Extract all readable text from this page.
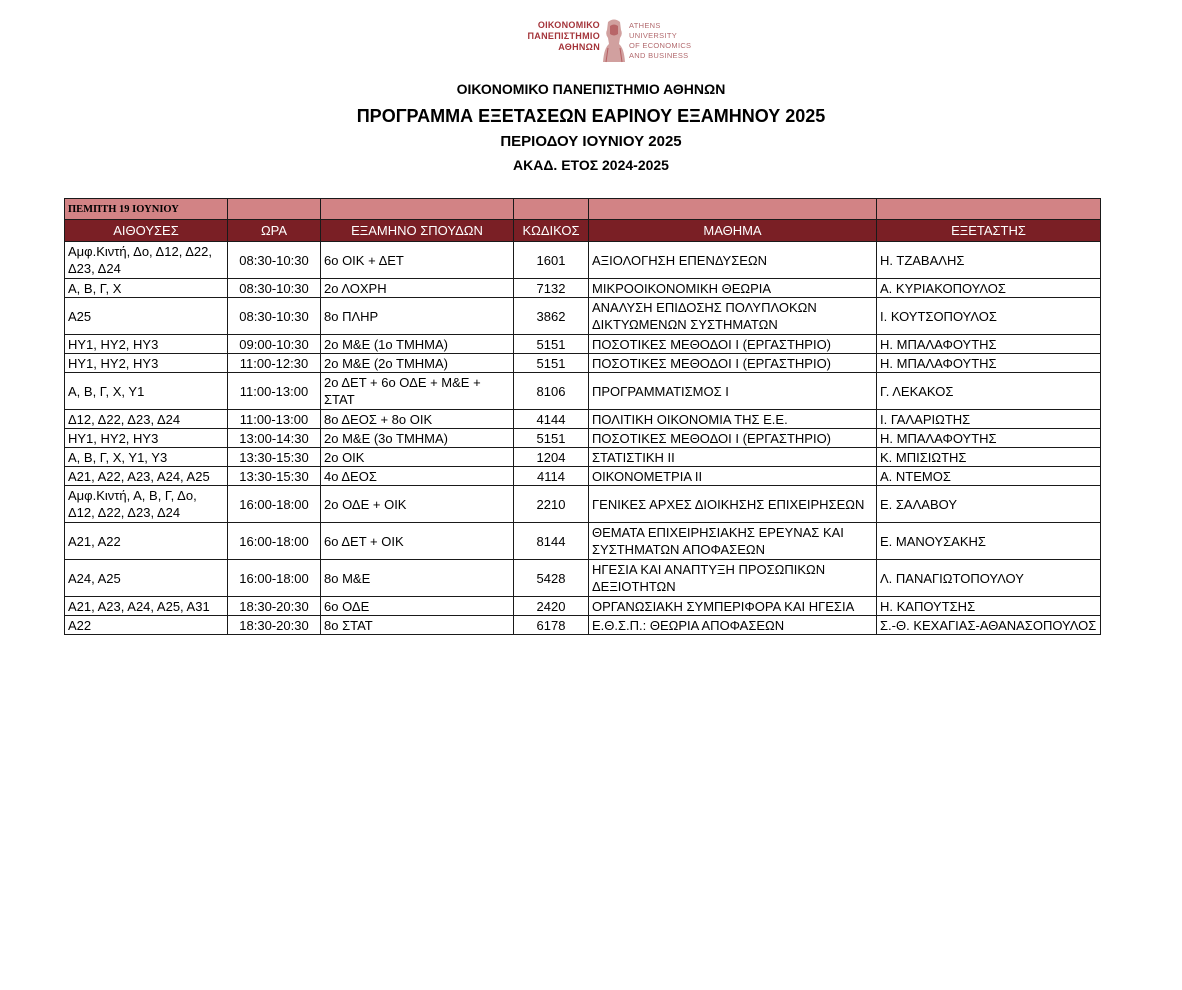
ΟΙΚΟΝΟΜΙΚΟ
ΠΑΝΕΠΙΣΤΗΜΙΟ
ΑΘΗΝΩΝ
ATHENS UNIVERSITY
OF ECONOMICS
AND BUSINESS
ΟΙΚΟΝΟΜΙΚΟ ΠΑΝΕΠΙΣΤΗΜΙΟ ΑΘΗΝΩΝ
ΠΡΟΓΡΑΜΜΑ ΕΞΕΤΑΣΕΩΝ ΕΑΡΙΝΟΥ ΕΞΑΜΗΝΟΥ 2025
ΠΕΡΙΟΔΟΥ ΙΟΥΝΙΟΥ 2025
ΑΚΑΔ. ΕΤΟΣ 2024-2025
ΠΕΜΠΤΗ 19 ΙΟΥΝΙΟΥ					
ΑΙΘΟΥΣΕΣ	ΩΡΑ	ΕΞΑΜΗΝΟ ΣΠΟΥΔΩΝ	ΚΩΔΙΚΟΣ	ΜΑΘΗΜΑ	ΕΞΕΤΑΣΤΗΣ
Αμφ.Κιντή, Δο, Δ12, Δ22, Δ23, Δ24	08:30-10:30	6ο ΟΙΚ + ΔΕΤ	1601	ΑΞΙΟΛΟΓΗΣΗ ΕΠΕΝΔΥΣΕΩΝ	Η. ΤΖΑΒΑΛΗΣ
Α, Β, Γ, Χ	08:30-10:30	2ο ΛΟΧΡΗ	7132	ΜΙΚΡΟΟΙΚΟΝΟΜΙΚΗ ΘΕΩΡΙΑ	Α. ΚΥΡΙΑΚΟΠΟΥΛΟΣ
Α25	08:30-10:30	8ο ΠΛΗΡ	3862	ΑΝΑΛΥΣΗ ΕΠΙΔΟΣΗΣ ΠΟΛΥΠΛΟΚΩΝ ΔΙΚΤΥΩΜΕΝΩΝ ΣΥΣΤΗΜΑΤΩΝ	Ι. ΚΟΥΤΣΟΠΟΥΛΟΣ
ΗΥ1, ΗΥ2, ΗΥ3	09:00-10:30	2ο Μ&Ε (1ο ΤΜΗΜΑ)	5151	ΠΟΣΟΤΙΚΕΣ ΜΕΘΟΔΟΙ Ι (ΕΡΓΑΣΤΗΡΙΟ)	Η. ΜΠΑΛΑΦΟΥΤΗΣ
ΗΥ1, ΗΥ2, ΗΥ3	11:00-12:30	2ο Μ&Ε (2ο ΤΜΗΜΑ)	5151	ΠΟΣΟΤΙΚΕΣ ΜΕΘΟΔΟΙ Ι (ΕΡΓΑΣΤΗΡΙΟ)	Η. ΜΠΑΛΑΦΟΥΤΗΣ
Α, Β, Γ, Χ, Υ1	11:00-13:00	2ο ΔΕΤ + 6ο ΟΔΕ + Μ&Ε + ΣΤΑΤ	8106	ΠΡΟΓΡΑΜΜΑΤΙΣΜΟΣ Ι	Γ. ΛΕΚΑΚΟΣ
Δ12, Δ22, Δ23, Δ24	11:00-13:00	8ο ΔΕΟΣ + 8ο ΟΙΚ	4144	ΠΟΛΙΤΙΚΗ ΟΙΚΟΝΟΜΙΑ ΤΗΣ Ε.Ε.	Ι. ΓΑΛΑΡΙΩΤΗΣ
ΗΥ1, ΗΥ2, ΗΥ3	13:00-14:30	2ο Μ&Ε (3ο ΤΜΗΜΑ)	5151	ΠΟΣΟΤΙΚΕΣ ΜΕΘΟΔΟΙ Ι (ΕΡΓΑΣΤΗΡΙΟ)	Η. ΜΠΑΛΑΦΟΥΤΗΣ
Α, Β, Γ, Χ, Υ1, Υ3	13:30-15:30	2ο ΟΙΚ	1204	ΣΤΑΤΙΣΤΙΚΗ ΙΙ	Κ. ΜΠΙΣΙΩΤΗΣ
Α21, Α22, Α23, Α24, Α25	13:30-15:30	4ο ΔΕΟΣ	4114	ΟΙΚΟΝΟΜΕΤΡΙΑ ΙΙ	Α. ΝΤΕΜΟΣ
Αμφ.Κιντή, Α, Β, Γ, Δο, Δ12, Δ22, Δ23, Δ24	16:00-18:00	2ο ΟΔΕ + ΟΙΚ	2210	ΓΕΝΙΚΕΣ ΑΡΧΕΣ ΔΙΟΙΚΗΣΗΣ ΕΠΙΧΕΙΡΗΣΕΩΝ	Ε. ΣΑΛΑΒΟΥ
Α21, Α22	16:00-18:00	6ο ΔΕΤ + ΟΙΚ	8144	ΘΕΜΑΤΑ ΕΠΙΧΕΙΡΗΣΙΑΚΗΣ ΕΡΕΥΝΑΣ ΚΑΙ ΣΥΣΤΗΜΑΤΩΝ ΑΠΟΦΑΣΕΩΝ	Ε. ΜΑΝΟΥΣΑΚΗΣ
Α24, Α25	16:00-18:00	8ο Μ&Ε	5428	ΗΓΕΣΙΑ ΚΑΙ ΑΝΑΠΤΥΞΗ ΠΡΟΣΩΠΙΚΩΝ ΔΕΞΙΟΤΗΤΩΝ	Λ. ΠΑΝΑΓΙΩΤΟΠΟΥΛΟΥ
Α21, Α23, Α24, Α25, Α31	18:30-20:30	6ο ΟΔΕ	2420	ΟΡΓΑΝΩΣΙΑΚΗ ΣΥΜΠΕΡΙΦΟΡΑ ΚΑΙ ΗΓΕΣΙΑ	Η. ΚΑΠΟΥΤΣΗΣ
Α22	18:30-20:30	8ο ΣΤΑΤ	6178	Ε.Θ.Σ.Π.: ΘΕΩΡΙΑ ΑΠΟΦΑΣΕΩΝ	Σ.-Θ. ΚΕΧΑΓΙΑΣ-ΑΘΑΝΑΣΟΠΟΥΛΟΣ
